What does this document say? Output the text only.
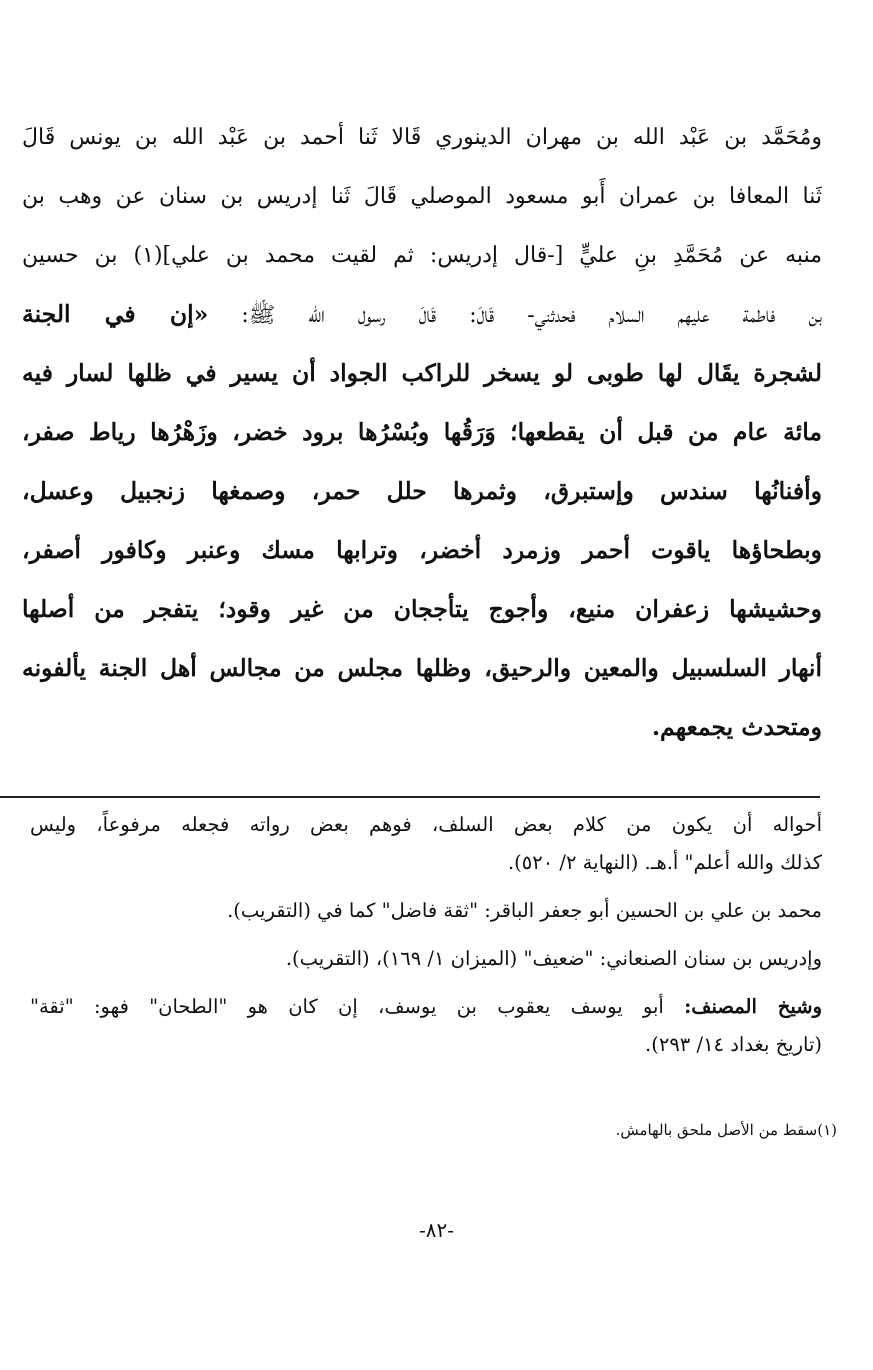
ومُحَمَّد بن عَبْد الله بن مهران الدينوري قَالا ثَنا أحمد بن عَبْد الله بن يونس قَالَ
ثَنا المعافا بن عمران أَبو مسعود الموصلي قَالَ ثَنا إدريس بن سنان عن وهب بن
منبه عن مُحَمَّدِ بنِ عليٍّ [-قال إدريس: ثم لقيت محمد بن علي](١) بن حسين
بن فاطمة عليهم السلام فحدثني- قَالَ: قَالَ رسول الله ﷺ: «إن في الجنة
لشجرة يقَال لها طوبى لو يسخر للراكب الجواد أن يسير في ظلها لسار فيه
مائة عام من قبل أن يقطعها؛ وَرَقُها وبُسْرُها برود خضر، وزَهْرُها رياط صفر،
وأفنانُها سندس وإستبرق، وثمرها حلل حمر، وصمغها زنجبيل وعسل،
وبطحاؤها ياقوت أحمر وزمرد أخضر، وترابها مسك وعنبر وكافور أصفر،
وحشيشها زعفران منيع، وأجوج يتأججان من غير وقود؛ يتفجر من أصلها
أنهار السلسبيل والمعين والرحيق، وظلها مجلس من مجالس أهل الجنة يألفونه
ومتحدث يجمعهم.
أحواله أن يكون من كلام بعض السلف، فوهم بعض رواته فجعله مرفوعاً، وليس
كذلك والله أعلم" أ.هـ. (النهاية ٢/ ٥٢٠).
محمد بن علي بن الحسين أبو جعفر الباقر: "ثقة فاضل" كما في (التقريب).
وإدريس بن سنان الصنعاني: "ضعيف" (الميزان ١/ ١٦٩)، (التقريب).
وشيخ المصنف: أبو يوسف يعقوب بن يوسف، إن كان هو "الطحان" فهو: "ثقة"
(تاريخ بغداد ١٤/ ٢٩٣).
(١)سقط من الأصل ملحق بالهامش.
-٨٢-
